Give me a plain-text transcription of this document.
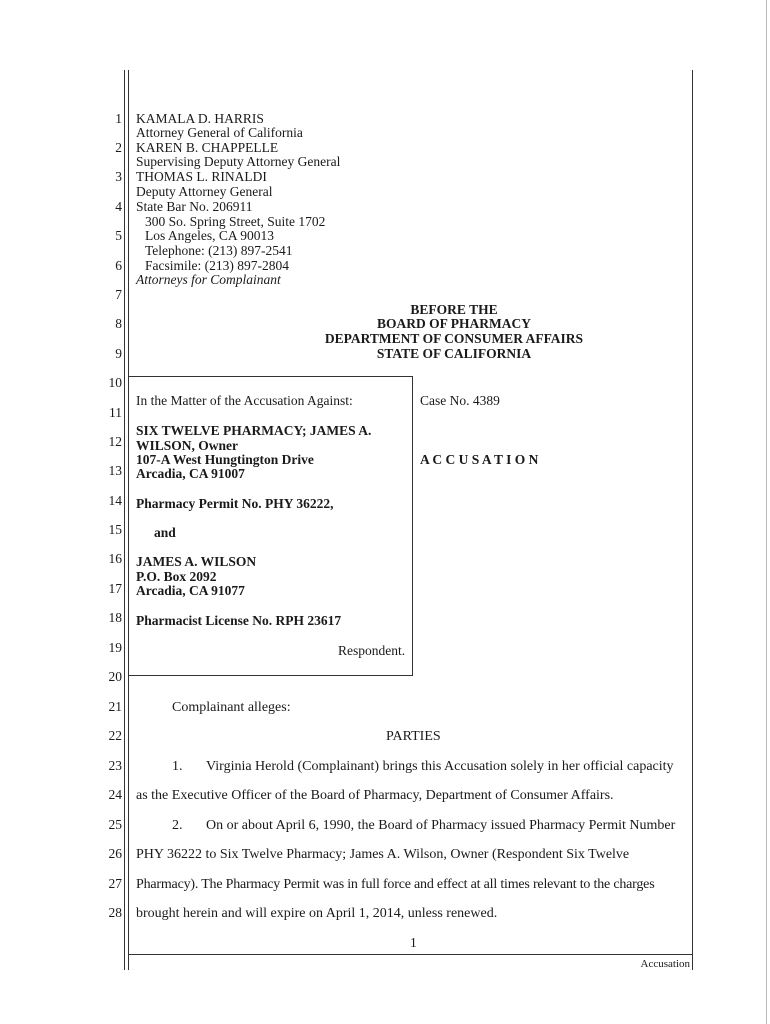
1
2
3
4
5
6
7
8
9
10
11
12
13
14
15
16
17
18
19
20
21
22
23
24
25
26
27
28
KAMALA D. HARRIS
Attorney General of California
KAREN B. CHAPPELLE
Supervising Deputy Attorney General
THOMAS L. RINALDI
Deputy Attorney General
State Bar No. 206911
300 So. Spring Street, Suite 1702
Los Angeles, CA 90013
Telephone: (213) 897-2541
Facsimile: (213) 897-2804
Attorneys for Complainant
BEFORE THE
BOARD OF PHARMACY
DEPARTMENT OF CONSUMER AFFAIRS
STATE OF CALIFORNIA
In the Matter of the Accusation Against:
SIX TWELVE PHARMACY; JAMES A.
WILSON, Owner
107-A West Hungtington Drive
Arcadia, CA 91007
Pharmacy Permit No. PHY 36222,
and
JAMES A. WILSON
P.O. Box 2092
Arcadia, CA 91077
Pharmacist License No. RPH 23617
Respondent.
Case No. 4389
A C C U S A T I O N
Complainant alleges:
PARTIES
1. Virginia Herold (Complainant) brings this Accusation solely in her official capacity
as the Executive Officer of the Board of Pharmacy, Department of Consumer Affairs.
2. On or about April 6, 1990, the Board of Pharmacy issued Pharmacy Permit Number
PHY 36222 to Six Twelve Pharmacy; James A. Wilson, Owner (Respondent Six Twelve
Pharmacy). The Pharmacy Permit was in full force and effect at all times relevant to the charges
brought herein and will expire on April 1, 2014, unless renewed.
1
Accusation
